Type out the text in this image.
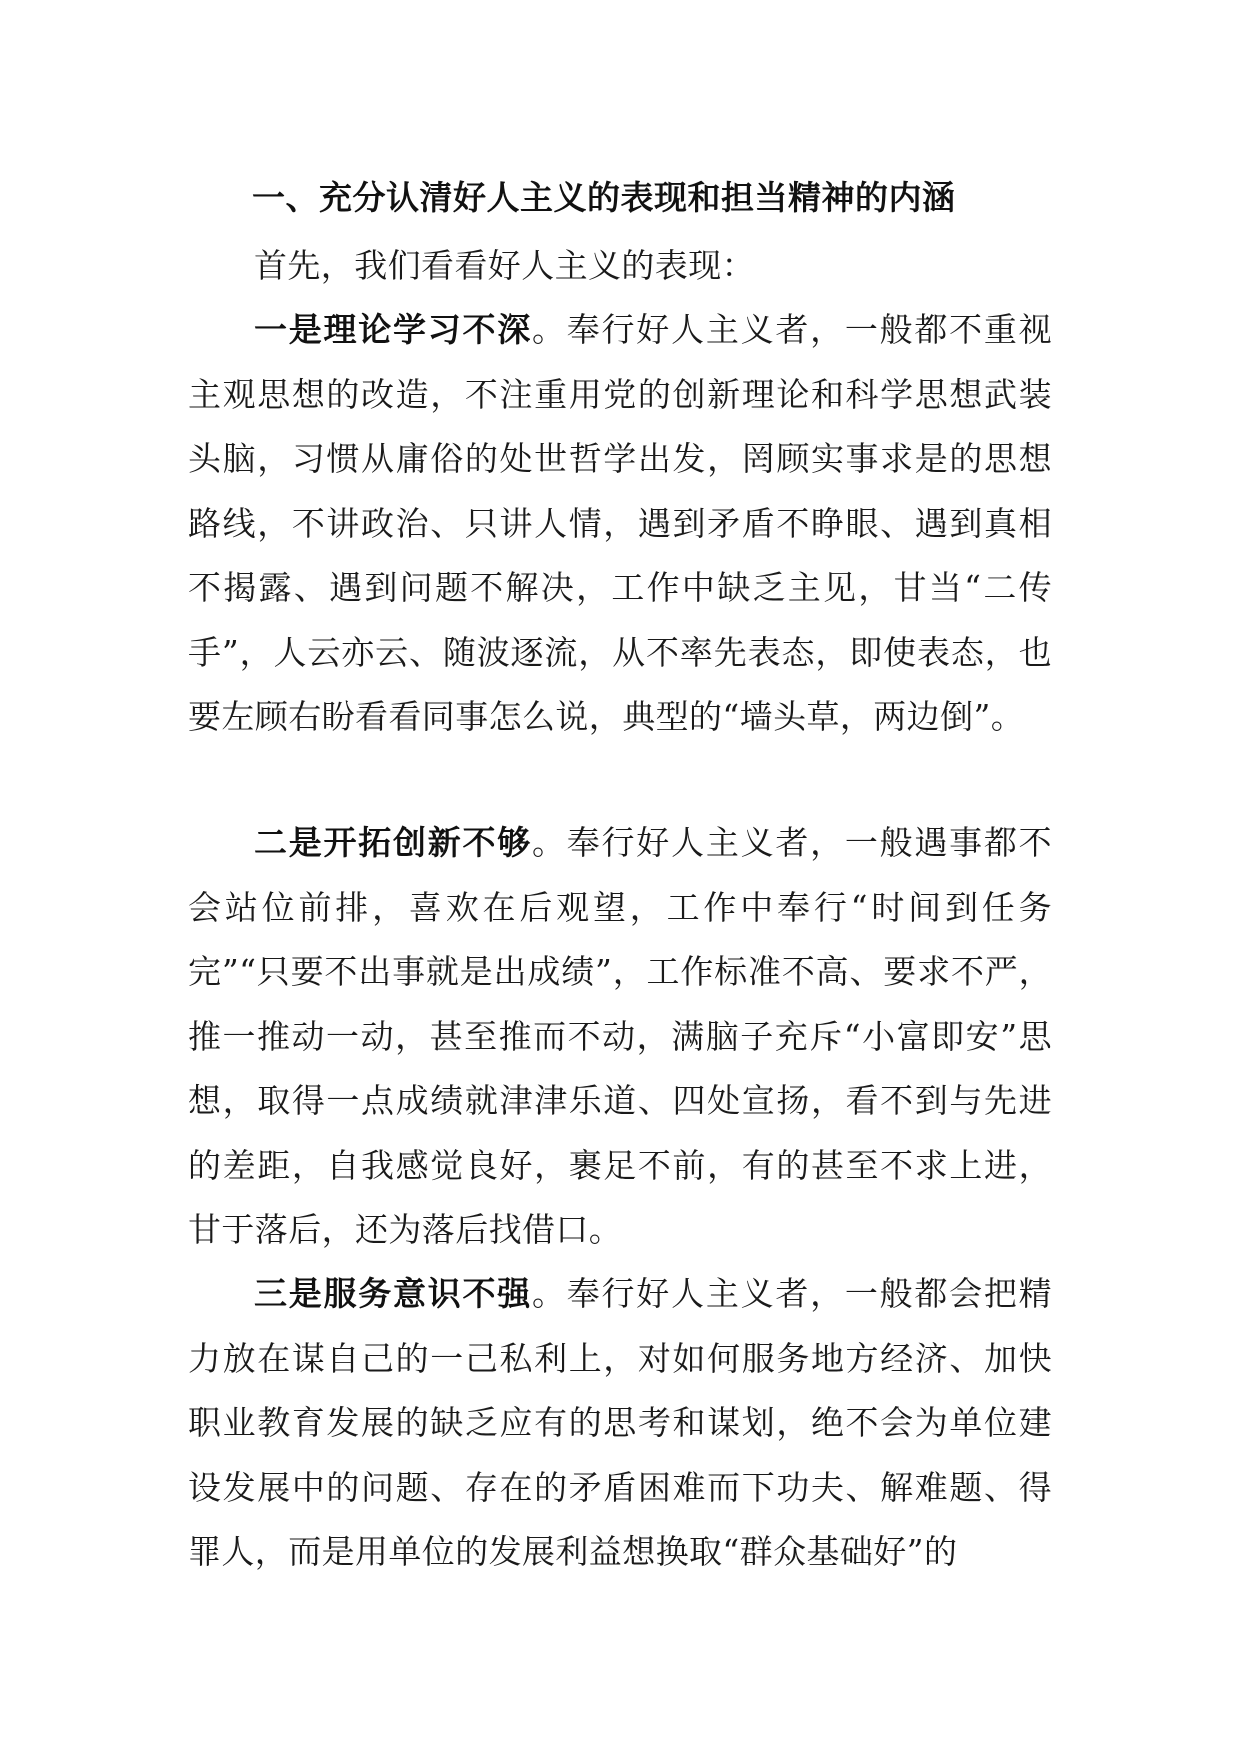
一、充分认清好人主义的表现和担当精神的内涵

首先，我们看看好人主义的表现：

一是理论学习不深。奉行好人主义者，一般都不重视主观思想的改造，不注重用党的创新理论和科学思想武装头脑，习惯从庸俗的处世哲学出发，罔顾实事求是的思想路线，不讲政治、只讲人情，遇到矛盾不睁眼、遇到真相不揭露、遇到问题不解决，工作中缺乏主见，甘当“二传手”，人云亦云、随波逐流，从不率先表态，即使表态，也要左顾右盼看看同事怎么说，典型的“墙头草，两边倒”。

二是开拓创新不够。奉行好人主义者，一般遇事都不会站位前排，喜欢在后观望，工作中奉行“时间到任务完”“只要不出事就是出成绩”，工作标准不高、要求不严，推一推动一动，甚至推而不动，满脑子充斥“小富即安”思想，取得一点成绩就津津乐道、四处宣扬，看不到与先进的差距，自我感觉良好，裹足不前，有的甚至不求上进，甘于落后，还为落后找借口。

三是服务意识不强。奉行好人主义者，一般都会把精力放在谋自己的一己私利上，对如何服务地方经济、加快职业教育发展的缺乏应有的思考和谋划，绝不会为单位建设发展中的问题、存在的矛盾困难而下功夫、解难题、得罪人，而是用单位的发展利益想换取“群众基础好”的
